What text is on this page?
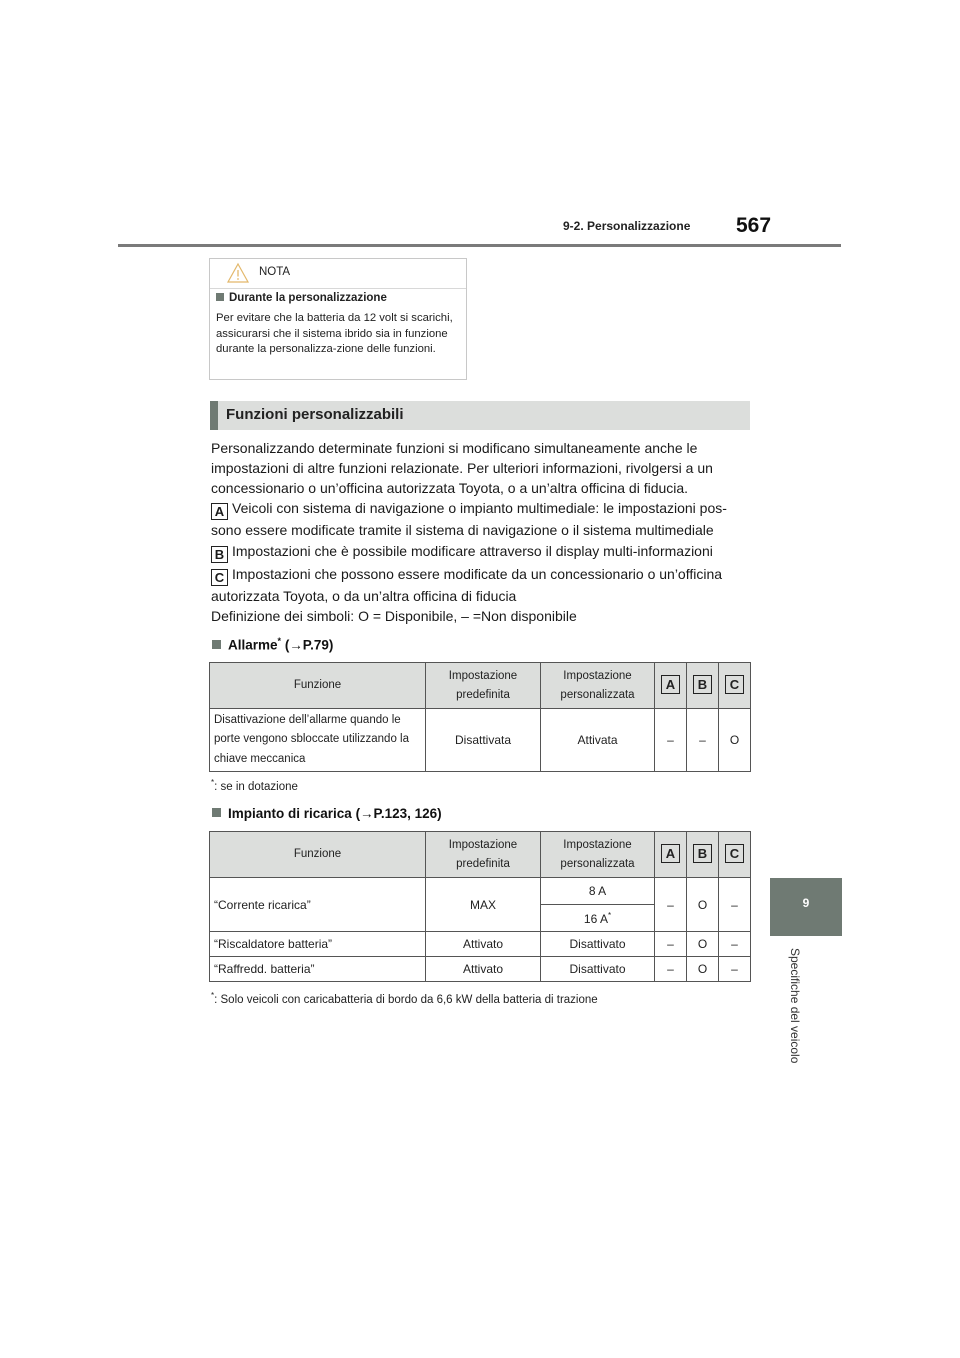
9-2. Personalizzazione 567
9
Specifiche del veicolo
NOTA
Durante la personalizzazione
Per evitare che la batteria da 12 volt si scarichi, assicurarsi che il sistema ibrido sia in funzione durante la personalizza-zione delle funzioni.
Funzioni personalizzabili
Personalizzando determinate funzioni si modificano simultaneamente anche le impostazioni di altre funzioni relazionate. Per ulteriori informazioni, rivolgersi a un concessionario o un’officina autorizzata Toyota, o a un’altra officina di fiducia.
A Veicoli con sistema di navigazione o impianto multimediale: le impostazioni pos-sono essere modificate tramite il sistema di navigazione o il sistema multimediale
B Impostazioni che è possibile modificare attraverso il display multi-informazioni
C Impostazioni che possono essere modificate da un concessionario o un’officina autorizzata Toyota, o da un’altra officina di fiducia
Definizione dei simboli: O = Disponibile, – =Non disponibile
Allarme* (→P.79)
Funzione	Impostazione predefinita	Impostazione personalizzata	A	B	C
Disattivazione dell’allarme quando le porte vengono sbloccate utilizzando la chiave meccanica	Disattivata	Attivata	–	–	O
*: se in dotazione
Impianto di ricarica (→P.123, 126)
Funzione	Impostazione predefinita	Impostazione personalizzata	A	B	C
“Corrente ricarica”	MAX	8 A	–	O	–
		16 A*
“Riscaldatore batteria”	Attivato	Disattivato	–	O	–
“Raffredd. batteria”	Attivato	Disattivato	–	O	–
*: Solo veicoli con caricabatteria di bordo da 6,6 kW della batteria di trazione
